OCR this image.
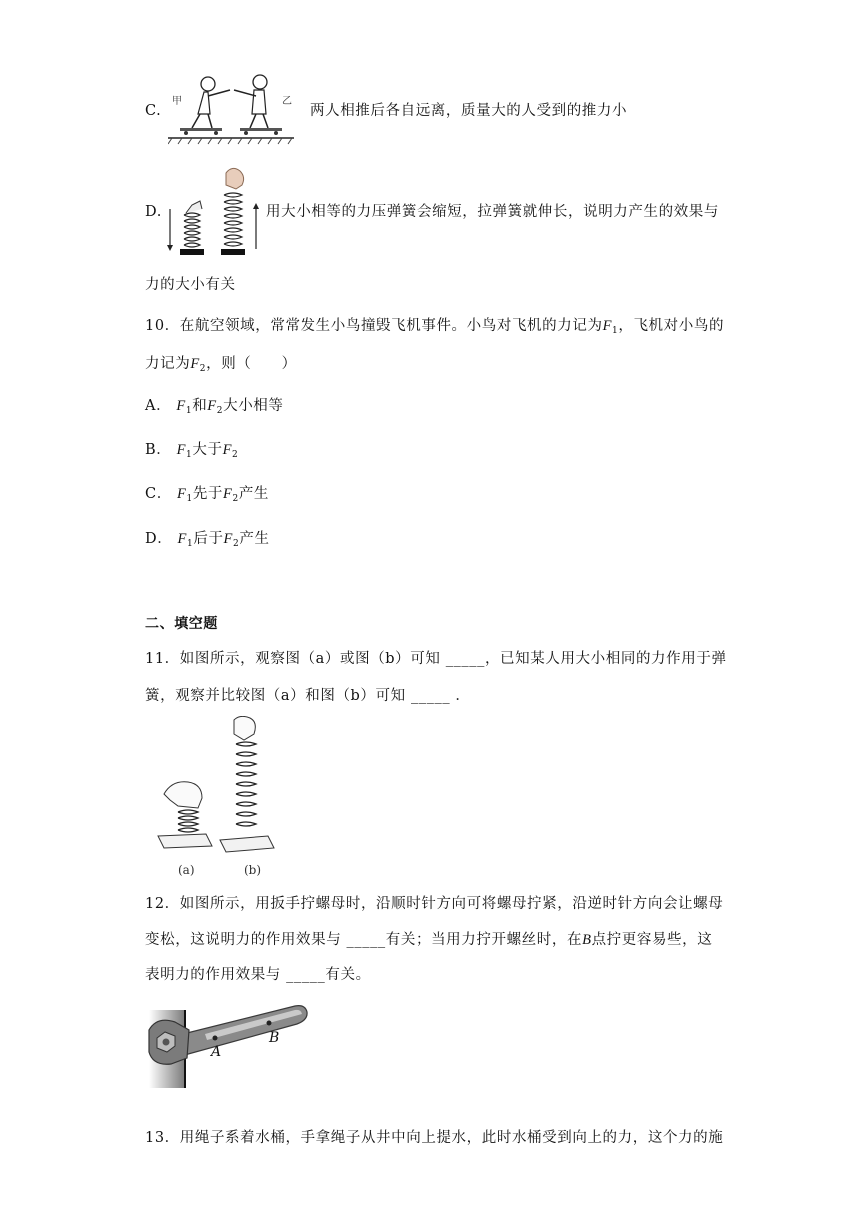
C.
甲	乙
两人相推后各自远离，质量大的人受到的推力小
D.	用大小相等的力压弹簧会缩短，拉弹簧就伸长，说明力产生的效果与
力的大小有关
10．在航空领域，常常发生小鸟撞毁飞机事件。小鸟对飞机的力记为$F_1$，飞机对小鸟的
力记为$F_2$，则（　　）
A． $F_1$和$F_2$大小相等
B． $F_1$大于$F_2$
C． $F_1$先于$F_2$产生
D． $F_1$后于$F_2$产生
二、填空题
11．如图所示，观察图（a）或图（b）可知 _____，已知某人用大小相同的力作用于弹
簧，观察并比较图（a）和图（b）可知 _____ ．
(a)	(b)
12．如图所示，用扳手拧螺母时，沿顺时针方向可将螺母拧紧，沿逆时针方向会让螺母
变松，这说明力的作用效果与 _____有关；当用力拧开螺丝时，在B点拧更容易些，这
表明力的作用效果与 _____有关。
A
B
13．用绳子系着水桶，手拿绳子从井中向上提水，此时水桶受到向上的力，这个力的施
